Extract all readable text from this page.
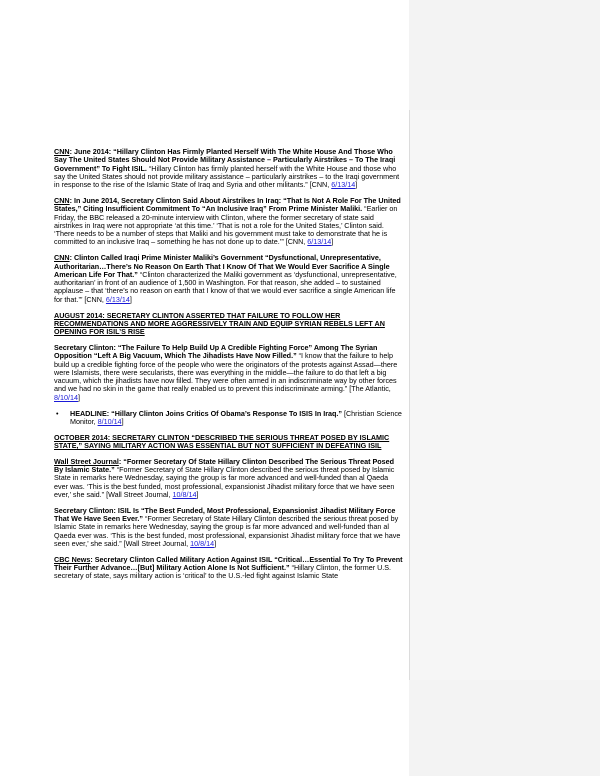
CNN: June 2014: “Hillary Clinton Has Firmly Planted Herself With The White House And Those Who Say The United States Should Not Provide Military Assistance – Particularly Airstrikes – To The Iraqi Government” To Fight ISIL. “Hillary Clinton has firmly planted herself with the White House and those who say the United States should not provide military assistance – particularly airstrikes – to the Iraqi government in response to the rise of the Islamic State of Iraq and Syria and other militants.” [CNN, 6/13/14]

CNN: In June 2014, Secretary Clinton Said About Airstrikes In Iraq: “That Is Not A Role For The United States,” Citing Insufficient Commitment To “An Inclusive Iraq” From Prime Minister Maliki. “Earlier on Friday, the BBC released a 20-minute interview with Clinton, where the former secretary of state said airstrikes in Iraq were not appropriate ‘at this time.’ ‘That is not a role for the United States,’ Clinton said. ‘There needs to be a number of steps that Maliki and his government must take to demonstrate that he is committed to an inclusive Iraq – something he has not done up to date.’” [CNN, 6/13/14]

CNN: Clinton Called Iraqi Prime Minister Maliki’s Government “Dysfunctional, Unrepresentative, Authoritarian…There’s No Reason On Earth That I Know Of That We Would Ever Sacrifice A Single American Life For That.” “Clinton characterized the Maliki government as ‘dysfunctional, unrepresentative, authoritarian’ in front of an audience of 1,500 in Washington. For that reason, she added – to sustained applause – that ‘there’s no reason on earth that I know of that we would ever sacrifice a single American life for that.’” [CNN, 6/13/14]

AUGUST 2014: SECRETARY CLINTON ASSERTED THAT FAILURE TO FOLLOW HER RECOMMENDATIONS AND MORE AGGRESSIVELY TRAIN AND EQUIP SYRIAN REBELS LEFT AN OPENING FOR ISIL’S RISE

Secretary Clinton: “The Failure To Help Build Up A Credible Fighting Force” Among The Syrian Opposition “Left A Big Vacuum, Which The Jihadists Have Now Filled.” “I know that the failure to help build up a credible fighting force of the people who were the originators of the protests against Assad—there were Islamists, there were secularists, there was everything in the middle—the failure to do that left a big vacuum, which the jihadists have now filled. They were often armed in an indiscriminate way by other forces and we had no skin in the game that really enabled us to prevent this indiscriminate arming.” [The Atlantic, 8/10/14]

•	HEADLINE: “Hillary Clinton Joins Critics Of Obama’s Response To ISIS In Iraq.” [Christian Science Monitor, 8/10/14]

OCTOBER 2014: SECRETARY CLINTON “DESCRIBED THE SERIOUS THREAT POSED BY ISLAMIC STATE,” SAYING MILITARY ACTION WAS ESSENTIAL BUT NOT SUFFICIENT IN DEFEATING ISIL

Wall Street Journal: “Former Secretary Of State Hillary Clinton Described The Serious Threat Posed By Islamic State.” “Former Secretary of State Hillary Clinton described the serious threat posed by Islamic State in remarks here Wednesday, saying the group is far more advanced and well-funded than al Qaeda ever was. ‘This is the best funded, most professional, expansionist Jihadist military force that we have seen ever,’ she said.” [Wall Street Journal, 10/8/14]

Secretary Clinton: ISIL Is “The Best Funded, Most Professional, Expansionist Jihadist Military Force That We Have Seen Ever.” “Former Secretary of State Hillary Clinton described the serious threat posed by Islamic State in remarks here Wednesday, saying the group is far more advanced and well-funded than al Qaeda ever was. ‘This is the best funded, most professional, expansionist Jihadist military force that we have seen ever,’ she said.” [Wall Street Journal, 10/8/14]

CBC News: Secretary Clinton Called Military Action Against ISIL “Critical…Essential To Try To Prevent Their Further Advance…[But] Military Action Alone Is Not Sufficient.” “Hillary Clinton, the former U.S. secretary of state, says military action is ‘critical’ to the U.S.-led fight against Islamic State
